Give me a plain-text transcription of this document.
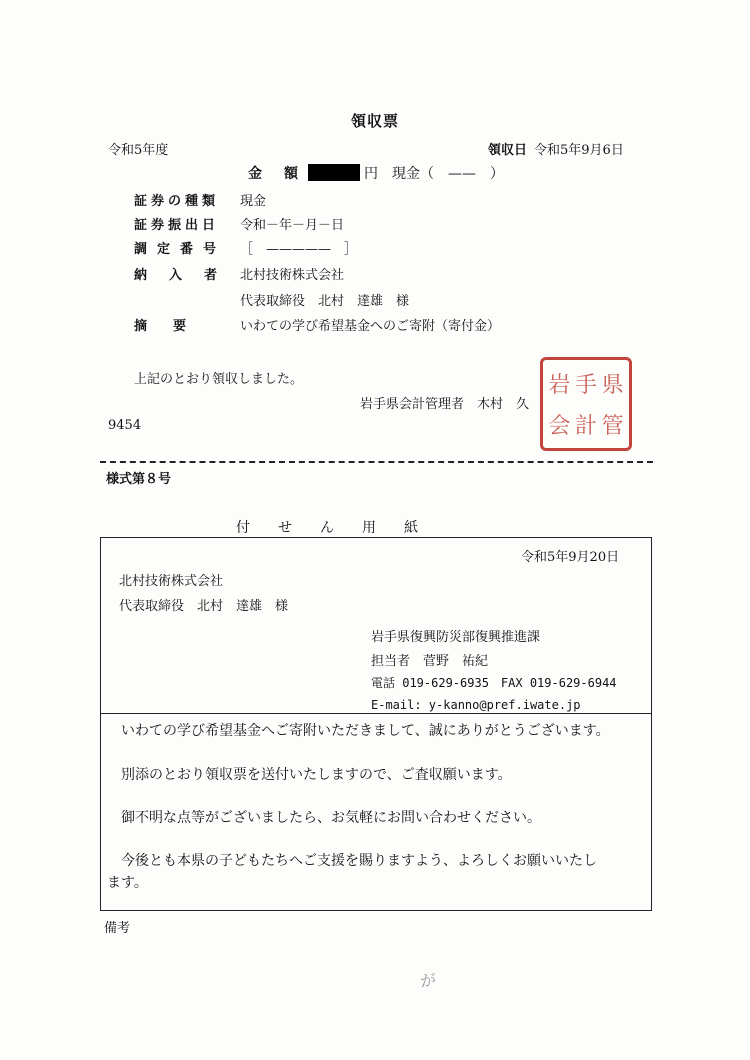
領収票
令和5年度	領収日 令和5年9月6日
金　額	円　現金（　——　）
証券の種類 現金
証券振出日 令和－年－月－日
調定番号 ［　—————　］
納入者 北村技術株式会社
代表取締役　北村　達雄　様
摘　　要	いわての学び希望基金へのご寄附（寄付金）
上記のとおり領収しました。
岩手県会計管理者　木村　久
岩 手 県
会 計 管
9454
様式第８号
付　　せ　　ん　　用　　紙
令和5年9月20日
北村技術株式会社
代表取締役　北村　達雄　様
岩手県復興防災部復興推進課
担当者　菅野　祐紀
電話 019-629-6935　FAX 019-629-6944
E-mail: y-kanno@pref.iwate.jp
いわての学び希望基金へご寄附いただきまして、誠にありがとうございます。
別添のとおり領収票を送付いたしますので、ご査収願います。
御不明な点等がございましたら、お気軽にお問い合わせください。
今後とも本県の子どもたちへご支援を賜りますよう、よろしくお願いいたし
ます。
備考
が
